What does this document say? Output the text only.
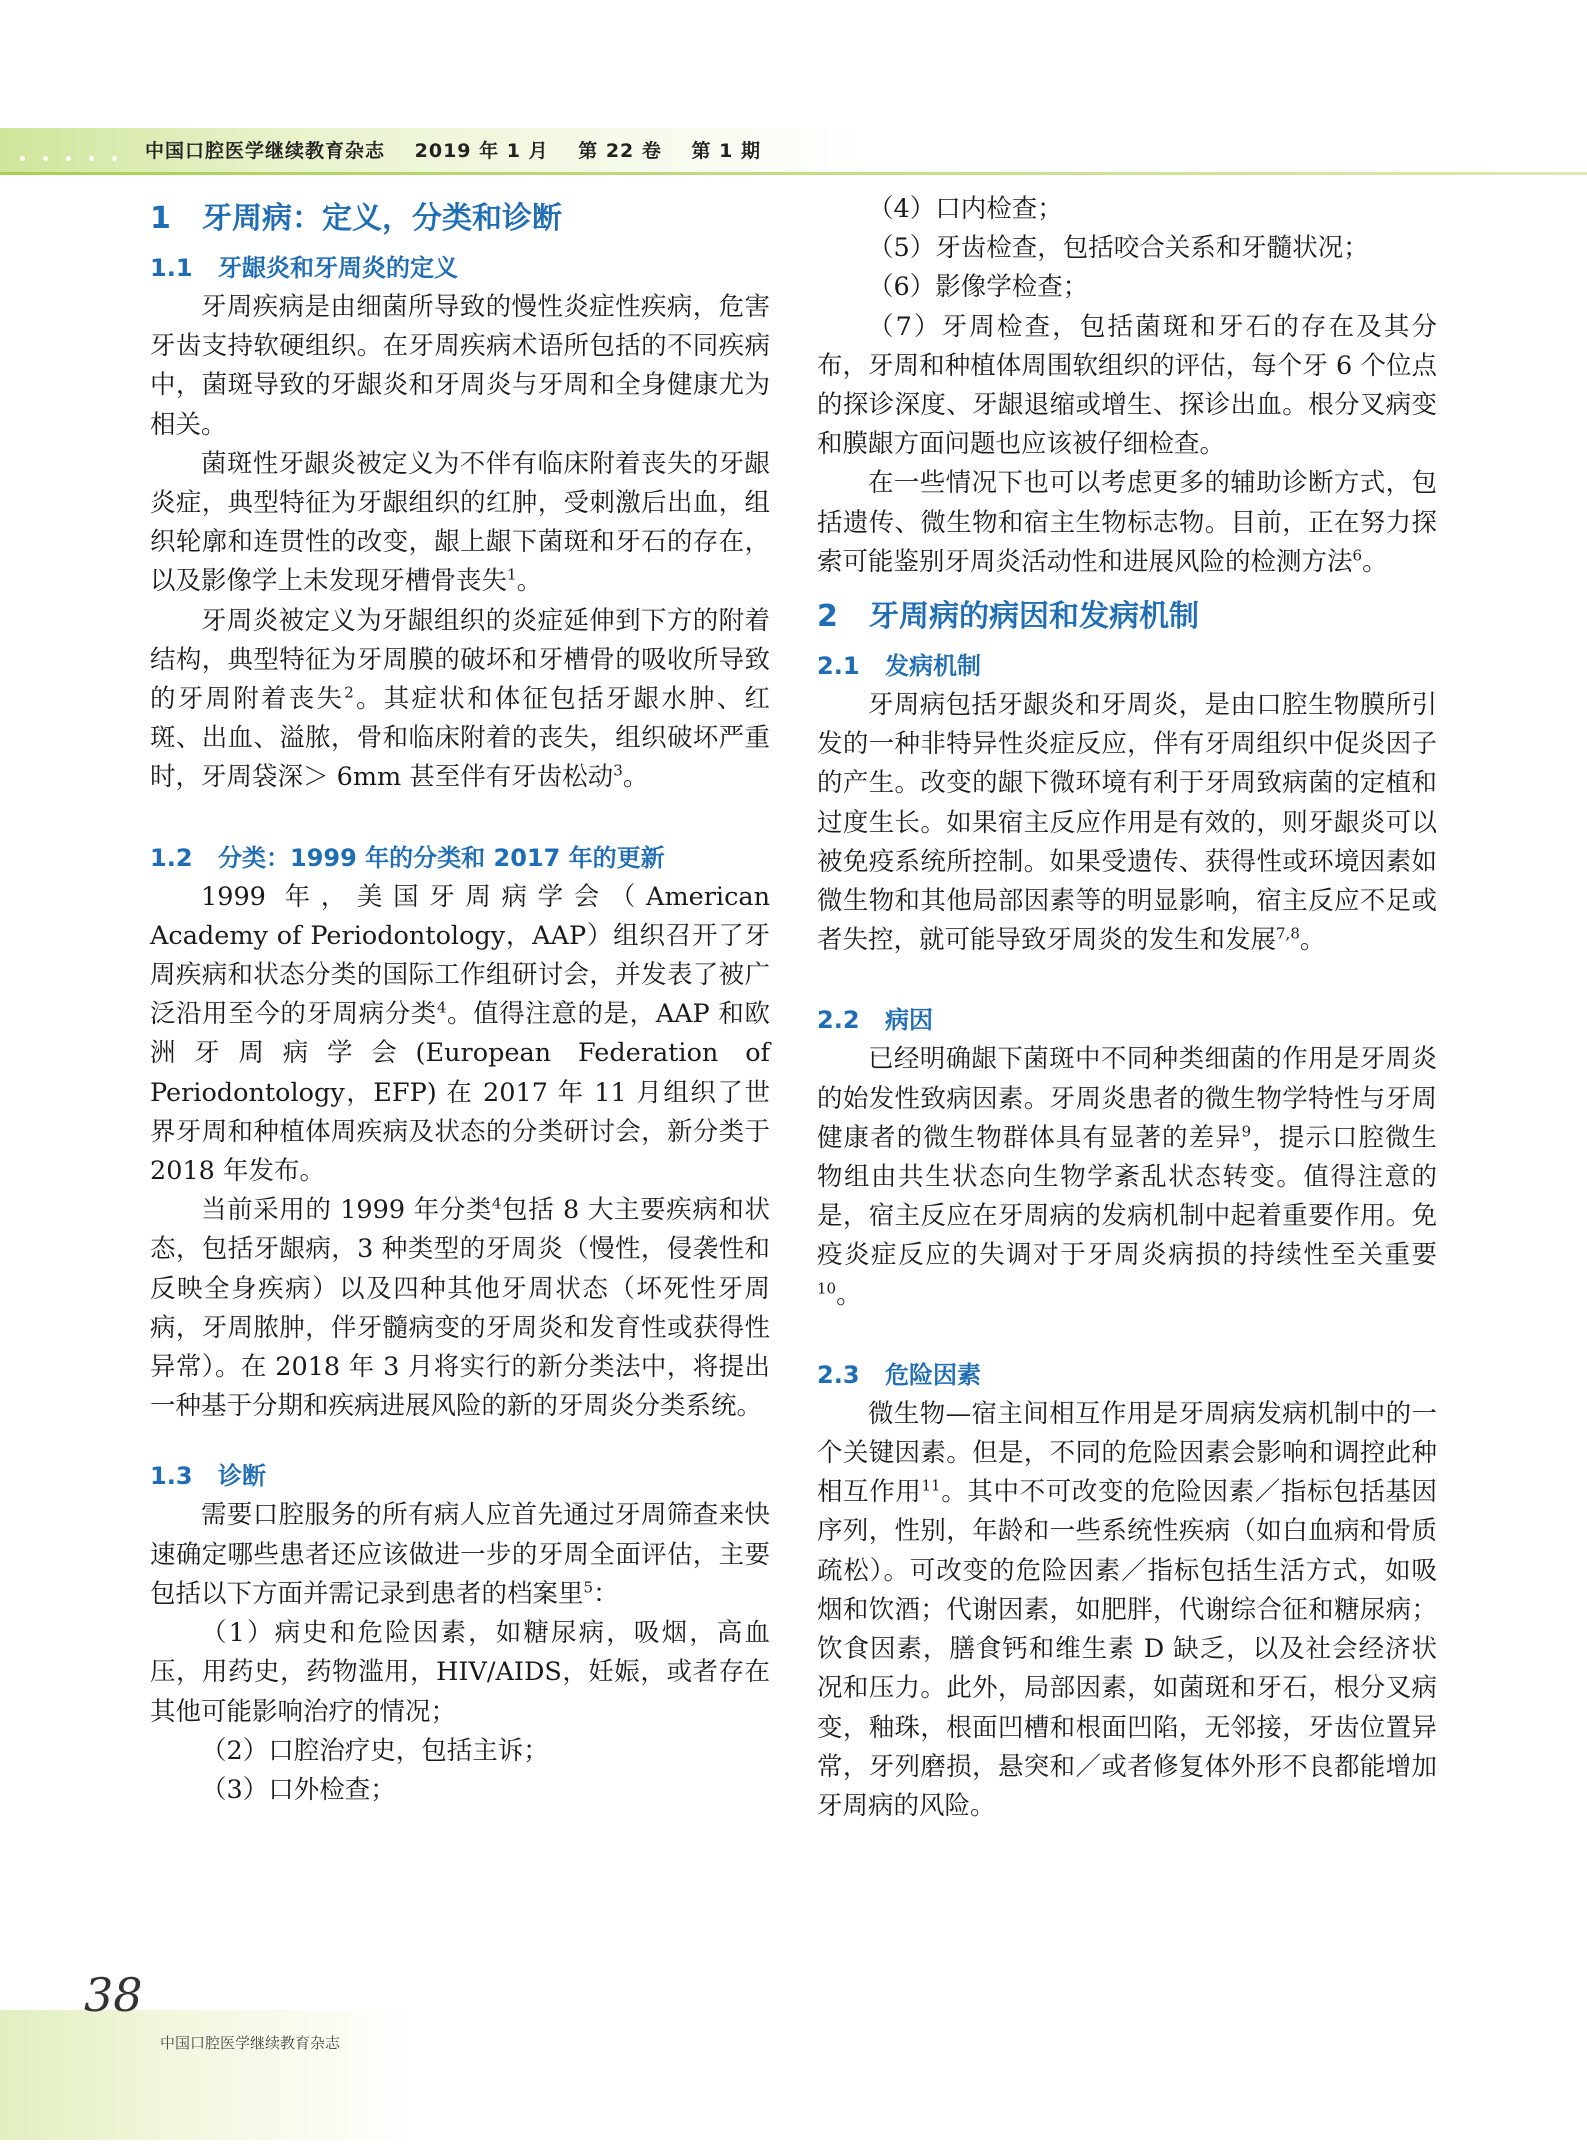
中国口腔医学继续教育杂志 2019 年 1 月 第 22 卷 第 1 期
1 牙周病：定义，分类和诊断
1.1 牙龈炎和牙周炎的定义

牙周疾病是由细菌所导致的慢性炎症性疾病，危害牙齿支持软硬组织。在牙周疾病术语所包括的不同疾病中，菌斑导致的牙龈炎和牙周炎与牙周和全身健康尤为相关。

菌斑性牙龈炎被定义为不伴有临床附着丧失的牙龈炎症，典型特征为牙龈组织的红肿，受刺激后出血，组织轮廓和连贯性的改变，龈上龈下菌斑和牙石的存在，以及影像学上未发现牙槽骨丧失$^1$。

牙周炎被定义为牙龈组织的炎症延伸到下方的附着结构，典型特征为牙周膜的破坏和牙槽骨的吸收所导致的牙周附着丧失$^2$。其症状和体征包括牙龈水肿、红斑、出血、溢脓，骨和临床附着的丧失，组织破坏严重时，牙周袋深＞ 6mm 甚至伴有牙齿松动$^3$。

1.2 分类：1999 年的分类和 2017 年的更新

1999 年，美国牙周病学会（American Academy of Periodontology，AAP）组织召开了牙周疾病和状态分类的国际工作组研讨会，并发表了被广泛沿用至今的牙周病分类$^4$。值得注意的是，AAP 和欧洲牙周病学会(European Federation of Periodontology，EFP) 在 2017 年 11 月组织了世界牙周和种植体周疾病及状态的分类研讨会，新分类于 2018 年发布。

当前采用的 1999 年分类$^4$包括 8 大主要疾病和状态，包括牙龈病，3 种类型的牙周炎（慢性，侵袭性和反映全身疾病）以及四种其他牙周状态（坏死性牙周病，牙周脓肿，伴牙髓病变的牙周炎和发育性或获得性异常）。在 2018 年 3 月将实行的新分类法中，将提出一种基于分期和疾病进展风险的新的牙周炎分类系统。

1.3 诊断

需要口腔服务的所有病人应首先通过牙周筛查来快速确定哪些患者还应该做进一步的牙周全面评估，主要包括以下方面并需记录到患者的档案里$^5$：

（1）病史和危险因素，如糖尿病，吸烟，高血压，用药史，药物滥用，HIV/AIDS，妊娠，或者存在其他可能影响治疗的情况；

（2）口腔治疗史，包括主诉；

（3）口外检查；

（4）口内检查；

（5）牙齿检查，包括咬合关系和牙髓状况；

（6）影像学检查；

（7）牙周检查，包括菌斑和牙石的存在及其分布，牙周和种植体周围软组织的评估，每个牙 6 个位点的探诊深度、牙龈退缩或增生、探诊出血。根分叉病变和膜龈方面问题也应该被仔细检查。

在一些情况下也可以考虑更多的辅助诊断方式，包括遗传、微生物和宿主生物标志物。目前，正在努力探索可能鉴别牙周炎活动性和进展风险的检测方法$^6$。

2 牙周病的病因和发病机制
2.1 发病机制

牙周病包括牙龈炎和牙周炎，是由口腔生物膜所引发的一种非特异性炎症反应，伴有牙周组织中促炎因子的产生。改变的龈下微环境有利于牙周致病菌的定植和过度生长。如果宿主反应作用是有效的，则牙龈炎可以被免疫系统所控制。如果受遗传、获得性或环境因素如微生物和其他局部因素等的明显影响，宿主反应不足或者失控，就可能导致牙周炎的发生和发展$^{7,8}$。

2.2 病因

已经明确龈下菌斑中不同种类细菌的作用是牙周炎的始发性致病因素。牙周炎患者的微生物学特性与牙周健康者的微生物群体具有显著的差异$^9$，提示口腔微生物组由共生状态向生物学紊乱状态转变。值得注意的是，宿主反应在牙周病的发病机制中起着重要作用。免疫炎症反应的失调对于牙周炎病损的持续性至关重要$^{10}$。

2.3 危险因素

微生物—宿主间相互作用是牙周病发病机制中的一个关键因素。但是，不同的危险因素会影响和调控此种相互作用$^{11}$。其中不可改变的危险因素／指标包括基因序列，性别，年龄和一些系统性疾病（如白血病和骨质疏松）。可改变的危险因素／指标包括生活方式，如吸烟和饮酒；代谢因素，如肥胖，代谢综合征和糖尿病；饮食因素，膳食钙和维生素 D 缺乏，以及社会经济状况和压力。此外，局部因素，如菌斑和牙石，根分叉病变，釉珠，根面凹槽和根面凹陷，无邻接，牙齿位置异常，牙列磨损，悬突和／或者修复体外形不良都能增加牙周病的风险。

38
中国口腔医学继续教育杂志
